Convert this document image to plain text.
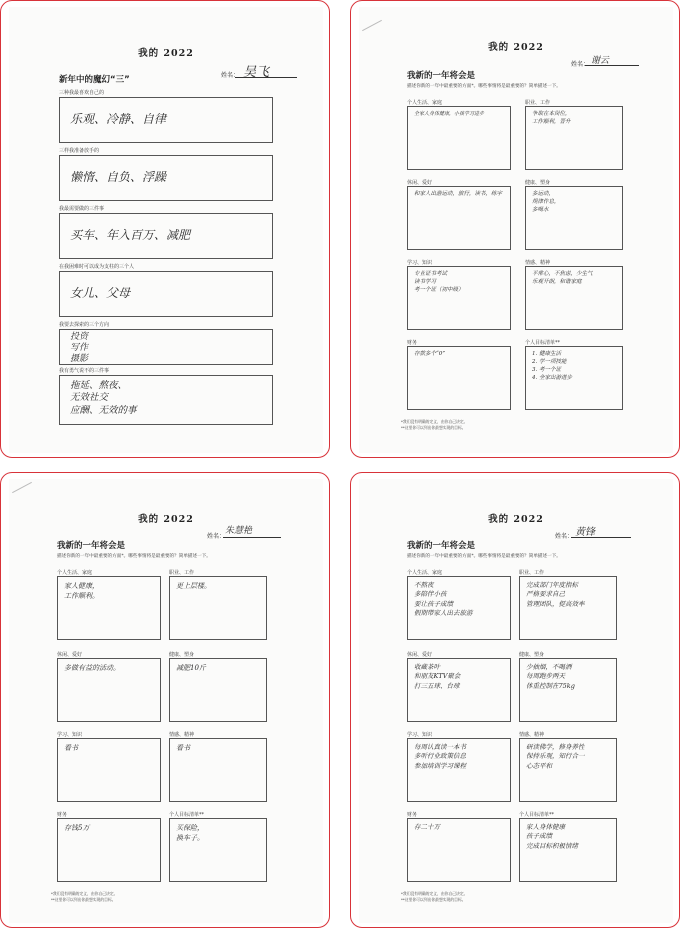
我的 2022
姓名： 吴飞
新年中的魔幻“三”
三种我最喜欢自己的
乐观、冷静、自律
三样我准备放手的
懒惰、自负、浮躁
我最需要做的三件事
买车、年入百万、减肥
在我困难时可以成为支柱的三个人
女儿、父母
我要去探索的三个方向
投资
写作
摄影
我有勇气说不的三件事
拖延、熬夜、
无效社交
应酬、无效的事
我的 2022
姓名： 谢云
我新的一年将会是
描述你新的一年中最重要的方面*。哪些事情将是最重要的？简单描述一下。
个人生活、家庭
全家人身体健康，小孩学习进步
职业、工作
争取在本岗位，
工作顺利，晋升
休闲、爱好
和家人出游运动，旅行，读书，练字
健康、塑身
多运动，
规律作息，
多喝水
学习、知识
专业证书考试
读书学习
考一个证（初中级）
情感、精神
平常心，不焦虑，少生气
乐观开朗，和谐家庭
财务
存款多个“0”
个人目标清单**
1. 健康生活
2. 学一项技能
3. 考一个证
4. 全家出游进步
*我们没有明确的定义，由你自己决定。
**这里你可以列出你最想实现的目标。
我的 2022
姓名：
朱慧艳
我新的一年将会是
描述你新的一年中最重要的方面*。哪些事情将是最重要的？简单描述一下。
个人生活、家庭
家人健康，
工作顺利。
职业、工作
更上层楼。
休闲、爱好
多做有益的活动。
健康、塑身
减肥10斤
学习、知识
看书
情感、精神
看书
财务
存钱5万
个人目标清单**
买保险，
换车子。
*我们没有明确的定义，由你自己决定。
**这里你可以列出你最想实现的目标。
我的 2022
姓名： 黄锋
我新的一年将会是
描述你新的一年中最重要的方面*。哪些事情将是最重要的？简单描述一下。
个人生活、家庭
不熬夜
多陪伴小孩
要让孩子成绩
假期带家人出去旅游
职业、工作
完成部门年度指标
严格要求自己
管理团队，提高效率
休闲、爱好
收藏茶叶
和朋友KTV聚会
打三五球、台球
健康、塑身
少抽烟，不喝酒
每周跑步两天
体重控制在75kg
学习、知识
每周认真读一本书
多听行业政策信息
参加培训学习课程
情感、精神
研读佛学，修身养性
保持乐观，知行合一
心态平和
财务
存二十万
个人目标清单**
家人身体健康
孩子成绩
完成目标积极情绪
*我们没有明确的定义，由你自己决定。
**这里你可以列出你最想实现的目标。
